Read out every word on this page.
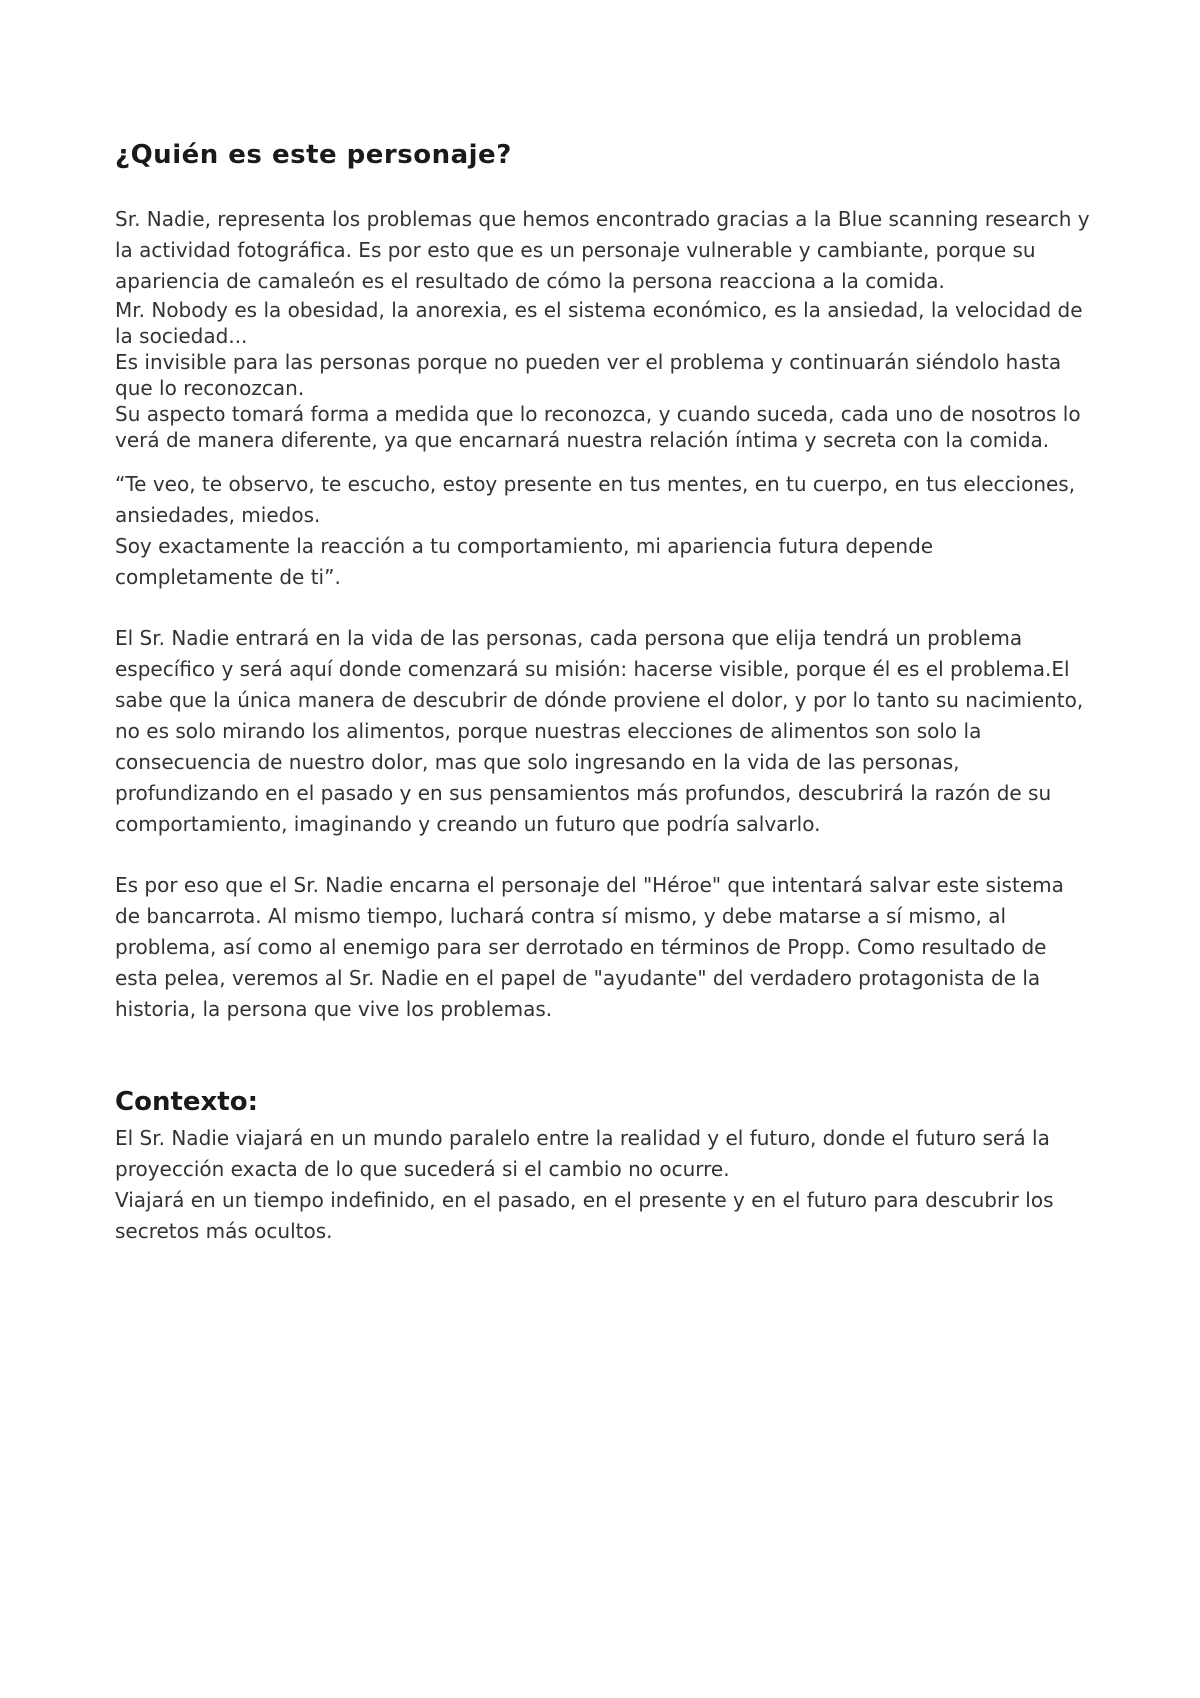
¿Quién es este personaje?

Sr. Nadie, representa los problemas que hemos encontrado gracias a la Blue scanning research y la actividad fotográfica. Es por esto que es un personaje vulnerable y cambiante, porque su apariencia de camaleón es el resultado de cómo la persona reacciona a la comida.

Mr. Nobody es la obesidad, la anorexia, es el sistema económico, es la ansiedad, la velocidad de la sociedad...

Es invisible para las personas porque no pueden ver el problema y continuarán siéndolo hasta que lo reconozcan.

Su aspecto tomará forma a medida que lo reconozca, y cuando suceda, cada uno de nosotros lo verá de manera diferente, ya que encarnará nuestra relación íntima y secreta con la comida.

“Te veo, te observo, te escucho, estoy presente en tus mentes, en tu cuerpo, en tus elecciones, ansiedades, miedos.

Soy exactamente la reacción a tu comportamiento, mi apariencia futura depende completamente de ti”.

El Sr. Nadie entrará en la vida de las personas, cada persona que elija tendrá un problema específico y será aquí donde comenzará su misión: hacerse visible, porque él es el problema.El sabe que la única manera de descubrir de dónde proviene el dolor, y por lo tanto su nacimiento, no es solo mirando los alimentos, porque nuestras elecciones de alimentos son solo la consecuencia de nuestro dolor, mas que solo ingresando en la vida de las personas, profundizando en el pasado y en sus pensamientos más profundos, descubrirá la razón de su comportamiento, imaginando y creando un futuro que podría salvarlo.

Es por eso que el Sr. Nadie encarna el personaje del "Héroe" que intentará salvar este sistema de bancarrota. Al mismo tiempo, luchará contra sí mismo, y debe matarse a sí mismo, al problema, así como al enemigo para ser derrotado en términos de Propp. Como resultado de esta pelea, veremos al Sr. Nadie en el papel de "ayudante" del verdadero protagonista de la historia, la persona que vive los problemas.

Contexto:

El Sr. Nadie viajará en un mundo paralelo entre la realidad y el futuro, donde el futuro será la proyección exacta de lo que sucederá si el cambio no ocurre.

Viajará en un tiempo indefinido, en el pasado, en el presente y en el futuro para descubrir los secretos más ocultos.
